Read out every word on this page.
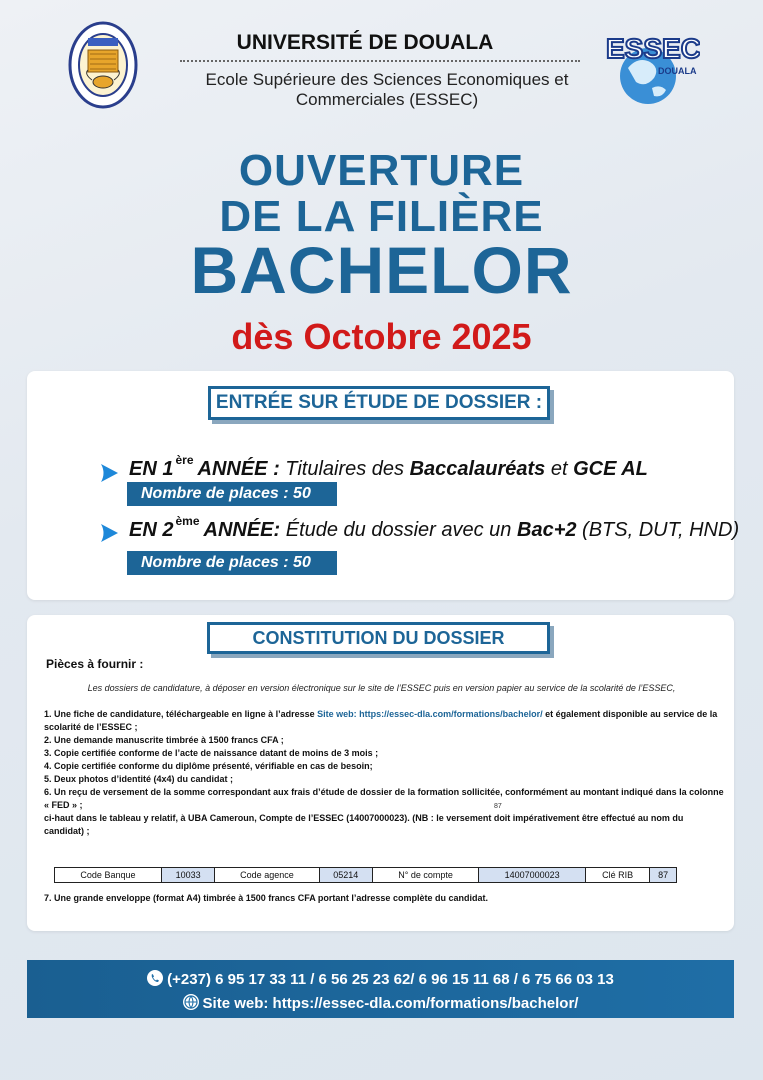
UNIVERSITÉ DE DOUALA
Ecole Supérieure des Sciences Economiques et Commerciales (ESSEC)
ESSEC
DOUALA
OUVERTURE
DE LA FILIÈRE
BACHELOR
dès Octobre 2025
ENTRÉE SUR ÉTUDE DE DOSSIER :
EN 1 $^{ère}$ ANNÉE : Titulaires des Baccalauréats et GCE AL
Nombre de places : 50
EN 2 $^{ème}$ ANNÉE: Étude du dossier avec un Bac+2 (BTS, DUT, HND)
Nombre de places : 50
CONSTITUTION DU DOSSIER
Pièces à fournir :
Les dossiers de candidature, à déposer en version électronique sur le site de l’ESSEC puis en version papier au service de la scolarité de l’ESSEC,

1. Une fiche de candidature, téléchargeable en ligne à l’adresse Site web: https://essec-dla.com/formations/bachelor/ et également disponible au service de la scolarité de l’ESSEC ;

2. Une demande manuscrite timbrée à 1500 francs CFA ;

3. Copie certifiée conforme de l’acte de naissance datant de moins de 3 mois ;

4. Copie certifiée conforme du diplôme présenté, vérifiable en cas de besoin;

5. Deux photos d’identité (4x4) du candidat ;

6. Un reçu de versement de la somme correspondant aux frais d’étude de dossier de la formation sollicitée, conformément au montant indiqué dans la colonne « FED » ;

ci-haut dans le tableau y relatif, à UBA Cameroun, Compte de l’ESSEC (14007000023). (NB : le versement doit impérativement être effectué au nom du candidat) ;

87
Code Banque	10033	Code agence	05214	N° de compte	14007000023	Clé RIB	87
7. Une grande enveloppe (format A4) timbrée à 1500 francs CFA portant l’adresse complète du candidat.
(+237) 6 95 17 33 11 / 6 56 25 23 62/ 6 96 15 11 68 / 6 75 66 03 13
Site web: https://essec-dla.com/formations/bachelor/
